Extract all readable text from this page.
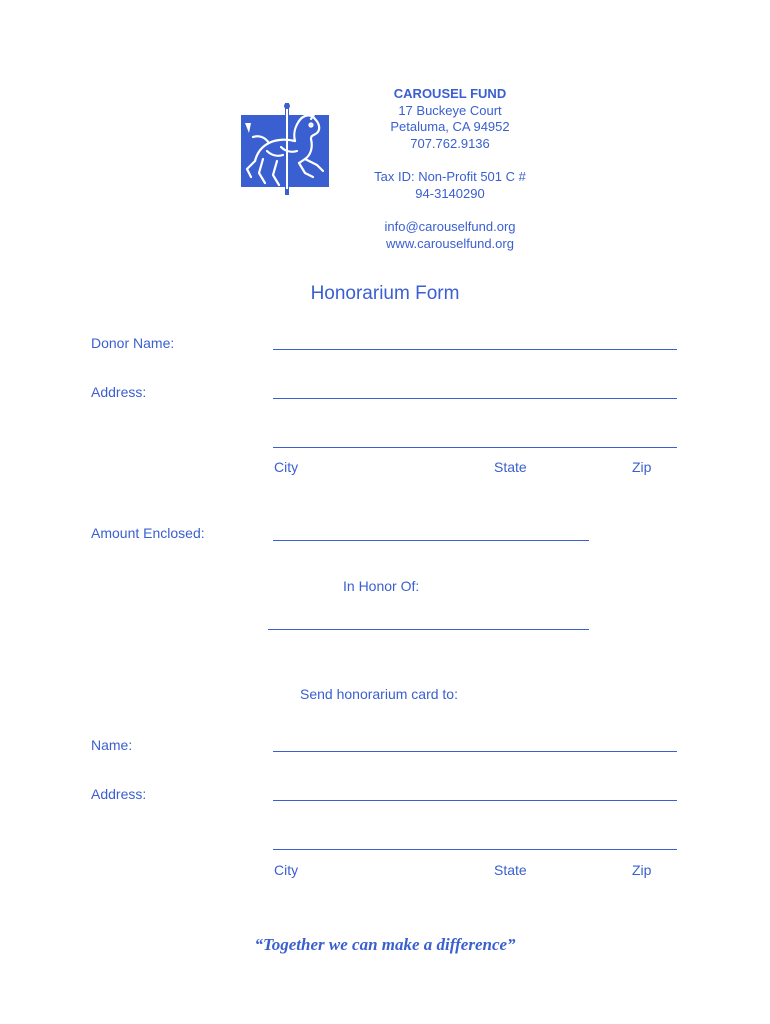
CAROUSEL FUND
17 Buckeye Court
Petaluma, CA 94952
707.762.9136
Tax ID: Non-Profit 501 C #
94-3140290
info@carouselfund.org
www.carouselfund.org
Honorarium Form
Donor Name:
Address:
City	State	Zip
Amount Enclosed:
In Honor Of:
Send honorarium card to:
Name:
Address:
City	State	Zip
“Together we can make a difference”
